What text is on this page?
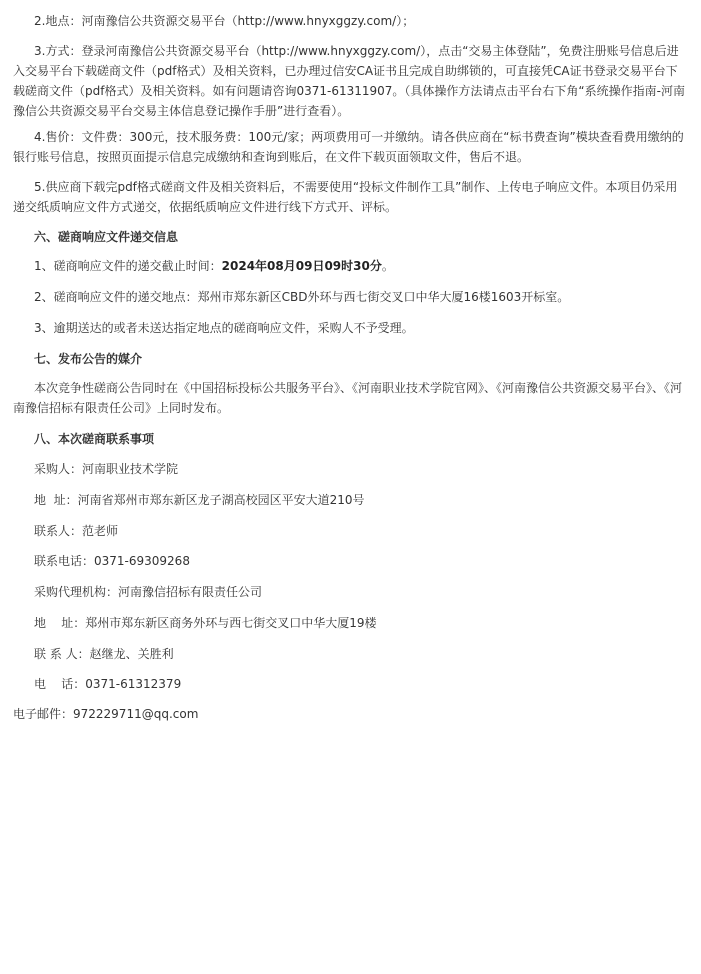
2.地点：河南豫信公共资源交易平台（http://www.hnyxggzy.com/）；

3.方式：登录河南豫信公共资源交易平台（http://www.hnyxggzy.com/），点击“交易主体登陆”，免费注册账号信息后进入交易平台下载磋商文件（pdf格式）及相关资料，已办理过信安CA证书且完成自助绑锁的，可直接凭CA证书登录交易平台下载磋商文件（pdf格式）及相关资料。如有问题请咨询0371-61311907。（具体操作方法请点击平台右下角“系统操作指南-河南豫信公共资源交易平台交易主体信息登记操作手册”进行查看）。

4.售价：文件费：300元，技术服务费：100元/家；两项费用可一并缴纳。请各供应商在“标书费查询”模块查看费用缴纳的银行账号信息，按照页面提示信息完成缴纳和查询到账后，在文件下载页面领取文件，售后不退。

5.供应商下载完pdf格式磋商文件及相关资料后，不需要使用“投标文件制作工具”制作、上传电子响应文件。本项目仍采用递交纸质响应文件方式递交，依据纸质响应文件进行线下方式开、评标。

六、磋商响应文件递交信息

1、磋商响应文件的递交截止时间：2024年08月09日09时30分。

2、磋商响应文件的递交地点：郑州市郑东新区CBD外环与西七街交叉口中华大厦16楼1603开标室。

3、逾期送达的或者未送达指定地点的磋商响应文件，采购人不予受理。

七、发布公告的媒介

本次竞争性磋商公告同时在《中国招标投标公共服务平台》、《河南职业技术学院官网》、《河南豫信公共资源交易平台》、《河南豫信招标有限责任公司》上同时发布。

八、本次磋商联系事项

采购人：河南职业技术学院

地  址：河南省郑州市郑东新区龙子湖高校园区平安大道210号

联系人：范老师

联系电话：0371-69309268

采购代理机构：河南豫信招标有限责任公司

地    址：郑州市郑东新区商务外环与西七街交叉口中华大厦19楼

联 系 人：赵继龙、关胜利

电    话：0371-61312379

电子邮件：972229711@qq.com
